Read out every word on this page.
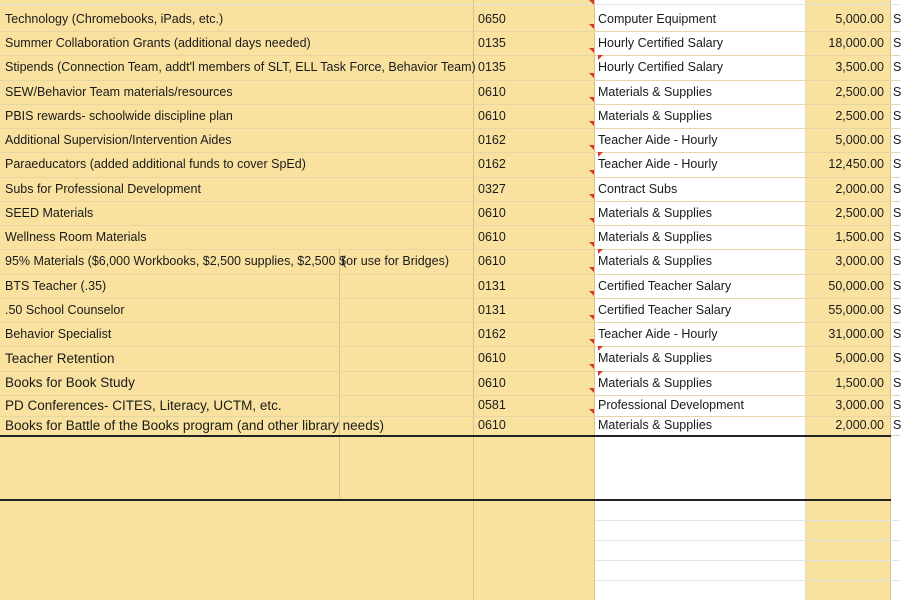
Technology (Chromebooks, iPads, etc.)	0650	Computer Equipment	5,000.00 S
Summer Collaboration Grants (additional days needed)	0135	Hourly Certified Salary	18,000.00 S
Stipends (Connection Team, addt'l members of SLT, ELL Task Force, Behavior Team) 0135	Hourly Certified Salary	3,500.00 S
SEW/Behavior Team materials/resources	0610	Materials & Supplies	2,500.00 S
PBIS rewards- schoolwide discipline plan	0610	Materials & Supplies	2,500.00 S
Additional Supervision/Intervention Aides	0162	Teacher Aide - Hourly	5,000.00 S
Paraeducators (added additional funds to cover SpEd)	0162	Teacher Aide - Hourly	12,450.00 S
Subs for Professional Development	0327	Contract Subs	2,000.00 S
SEED Materials	0610	Materials & Supplies	2,500.00 S
Wellness Room Materials	0610	Materials & Supplies	1,500.00 S
95% Materials ($6,000 Workbooks, $2,500 supplies, $2,500 $	0610	Materials & Supplies	3,000.00 S
(or use for Bridges)
BTS Teacher (.35)	0131	Certified Teacher Salary	50,000.00 S
.50 School Counselor	0131	Certified Teacher Salary	55,000.00 S
Behavior Specialist	0162	Teacher Aide - Hourly	31,000.00 S
Teacher Retention	0610	Materials & Supplies	5,000.00 S
Books for Book Study	0610	Materials & Supplies	1,500.00 S
PD Conferences- CITES, Literacy, UCTM, etc.	0581	Professional Development	3,000.00 S
Books for Battle of the Books program (and other library needs)	0610	Materials & Supplies	2,000.00 S
